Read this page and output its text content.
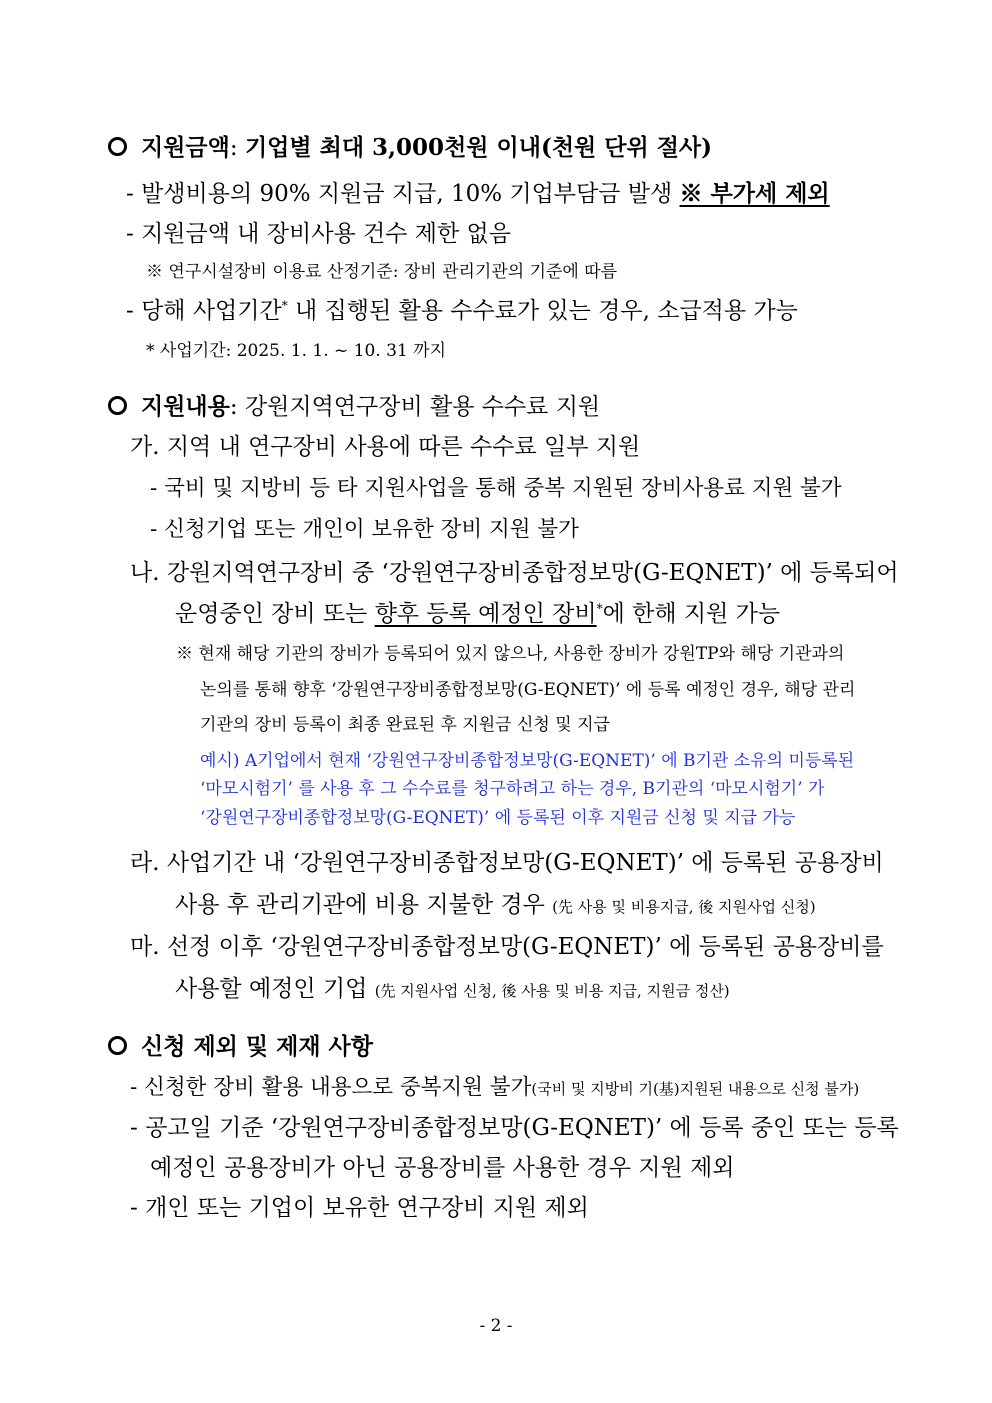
지원금액: 기업별 최대 3,000천원 이내(천원 단위 절사)
- 발생비용의 90% 지원금 지급, 10% 기업부담금 발생 ※ 부가세 제외
- 지원금액 내 장비사용 건수 제한 없음
※ 연구시설장비 이용료 산정기준: 장비 관리기관의 기준에 따름
- 당해 사업기간* 내 집행된 활용 수수료가 있는 경우, 소급적용 가능
* 사업기간: 2025. 1. 1. ~ 10. 31 까지
지원내용: 강원지역연구장비 활용 수수료 지원
가. 지역 내 연구장비 사용에 따른 수수료 일부 지원
- 국비 및 지방비 등 타 지원사업을 통해 중복 지원된 장비사용료 지원 불가
- 신청기업 또는 개인이 보유한 장비 지원 불가
나. 강원지역연구장비 중 ‘강원연구장비종합정보망(G-EQNET)’ 에 등록되어
운영중인 장비 또는 향후 등록 예정인 장비*에 한해 지원 가능
※ 현재 해당 기관의 장비가 등록되어 있지 않으나, 사용한 장비가 강원TP와 해당 기관과의
논의를 통해 향후 ‘강원연구장비종합정보망(G-EQNET)’ 에 등록 예정인 경우, 해당 관리
기관의 장비 등록이 최종 완료된 후 지원금 신청 및 지급
예시) A기업에서 현재 ‘강원연구장비종합정보망(G-EQNET)’ 에 B기관 소유의 미등록된
‘마모시험기’ 를 사용 후 그 수수료를 청구하려고 하는 경우, B기관의 ‘마모시험기’ 가
‘강원연구장비종합정보망(G-EQNET)’ 에 등록된 이후 지원금 신청 및 지급 가능
라. 사업기간 내 ‘강원연구장비종합정보망(G-EQNET)’ 에 등록된 공용장비
사용 후 관리기관에 비용 지불한 경우 (先 사용 및 비용지급, 後 지원사업 신청)
마. 선정 이후 ‘강원연구장비종합정보망(G-EQNET)’ 에 등록된 공용장비를
사용할 예정인 기업 (先 지원사업 신청, 後 사용 및 비용 지급, 지원금 정산)
신청 제외 및 제재 사항
- 신청한 장비 활용 내용으로 중복지원 불가(국비 및 지방비 기(基)지원된 내용으로 신청 불가)
- 공고일 기준 ‘강원연구장비종합정보망(G-EQNET)’ 에 등록 중인 또는 등록
예정인 공용장비가 아닌 공용장비를 사용한 경우 지원 제외
- 개인 또는 기업이 보유한 연구장비 지원 제외
- 2 -
